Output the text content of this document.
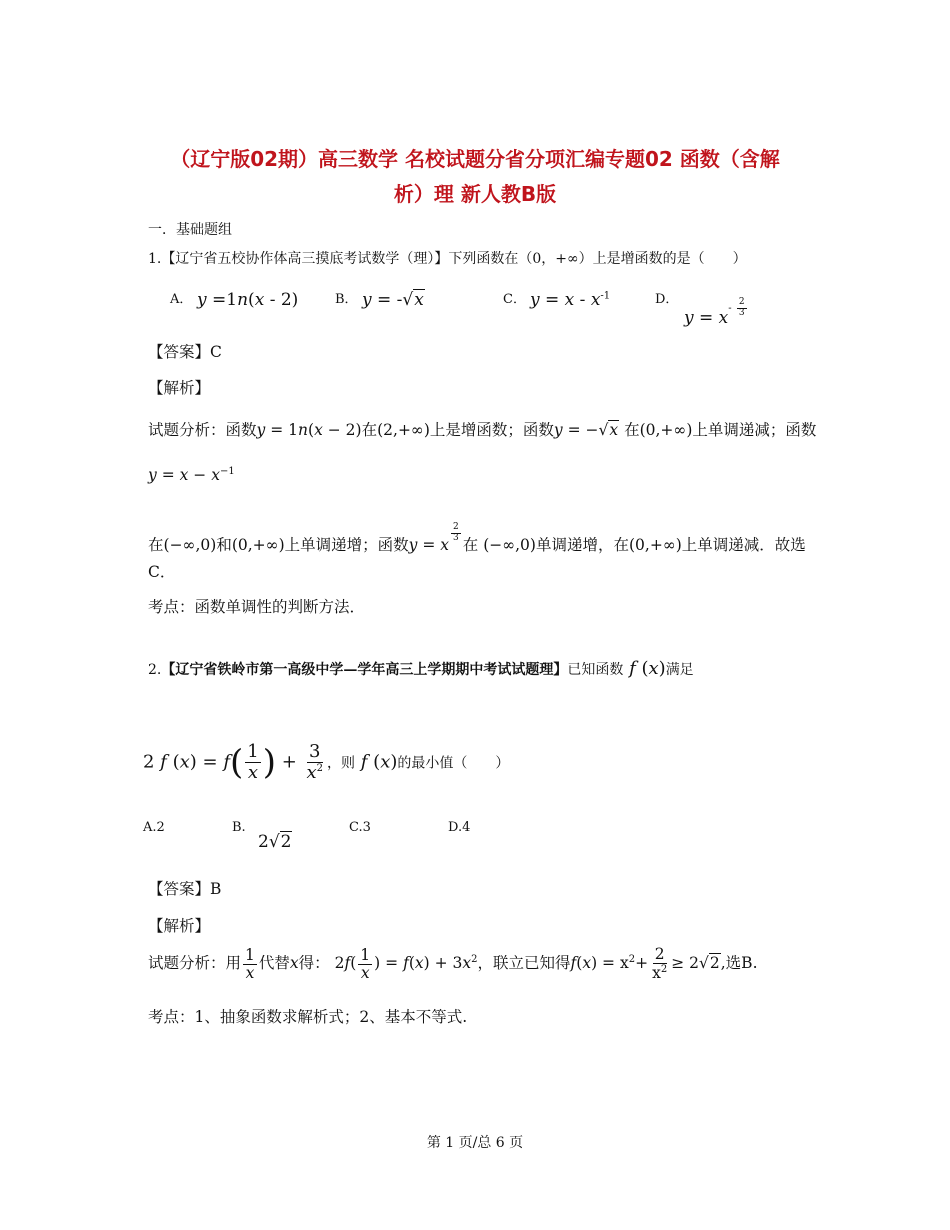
（辽宁版02期）高三数学 名校试题分省分项汇编专题02 函数（含解
析）理 新人教B版
一．基础题组
1.【辽宁省五校协作体高三摸底考试数学（理）】下列函数在（0，+∞）上是增函数的是（　　）
A． y =1n(x - 2)	B． y = -√x	C． $y = x - x^{-1}$	D．
$y = x^{- \frac{2}{3}}$
【答案】C
【解析】
试题分析：函数y = 1n(x − 2)在(2,+∞)上是增函数；函数y = −√x 在(0,+∞)上单调递减；函数
$y = x - x^{-1}$
在(−∞,0)和(0,+∞)上单调递增；函数y = x
$^{\frac{2}{3}}$
在 (−∞,0)单调递增，在(0,+∞)上单调递减．故选
C．
考点：函数单调性的判断方法．
2.【辽宁省铁岭市第一高级中学—学年高三上学期期中考试试题理】已知函数 f (x)满足
2 f $(x) = f( \frac{1}{x}$ ) + $\frac{3}{x^2}$ ，则 f (x)的最小值（　　）
A.2	B.
2√2
C.3	D.4
【答案】B
【解析】
试题分析：用 $\frac{1}{x}$ 代替x得： $2f( \frac{1}{x}$ ) = $f(x) + 3x^2$，联立已知得$f(x) = x^2+ \frac{2}{x^2} \ge 2√2$,选B.
考点：1、抽象函数求解析式；2、基本不等式.
第 1 页/总 6 页
